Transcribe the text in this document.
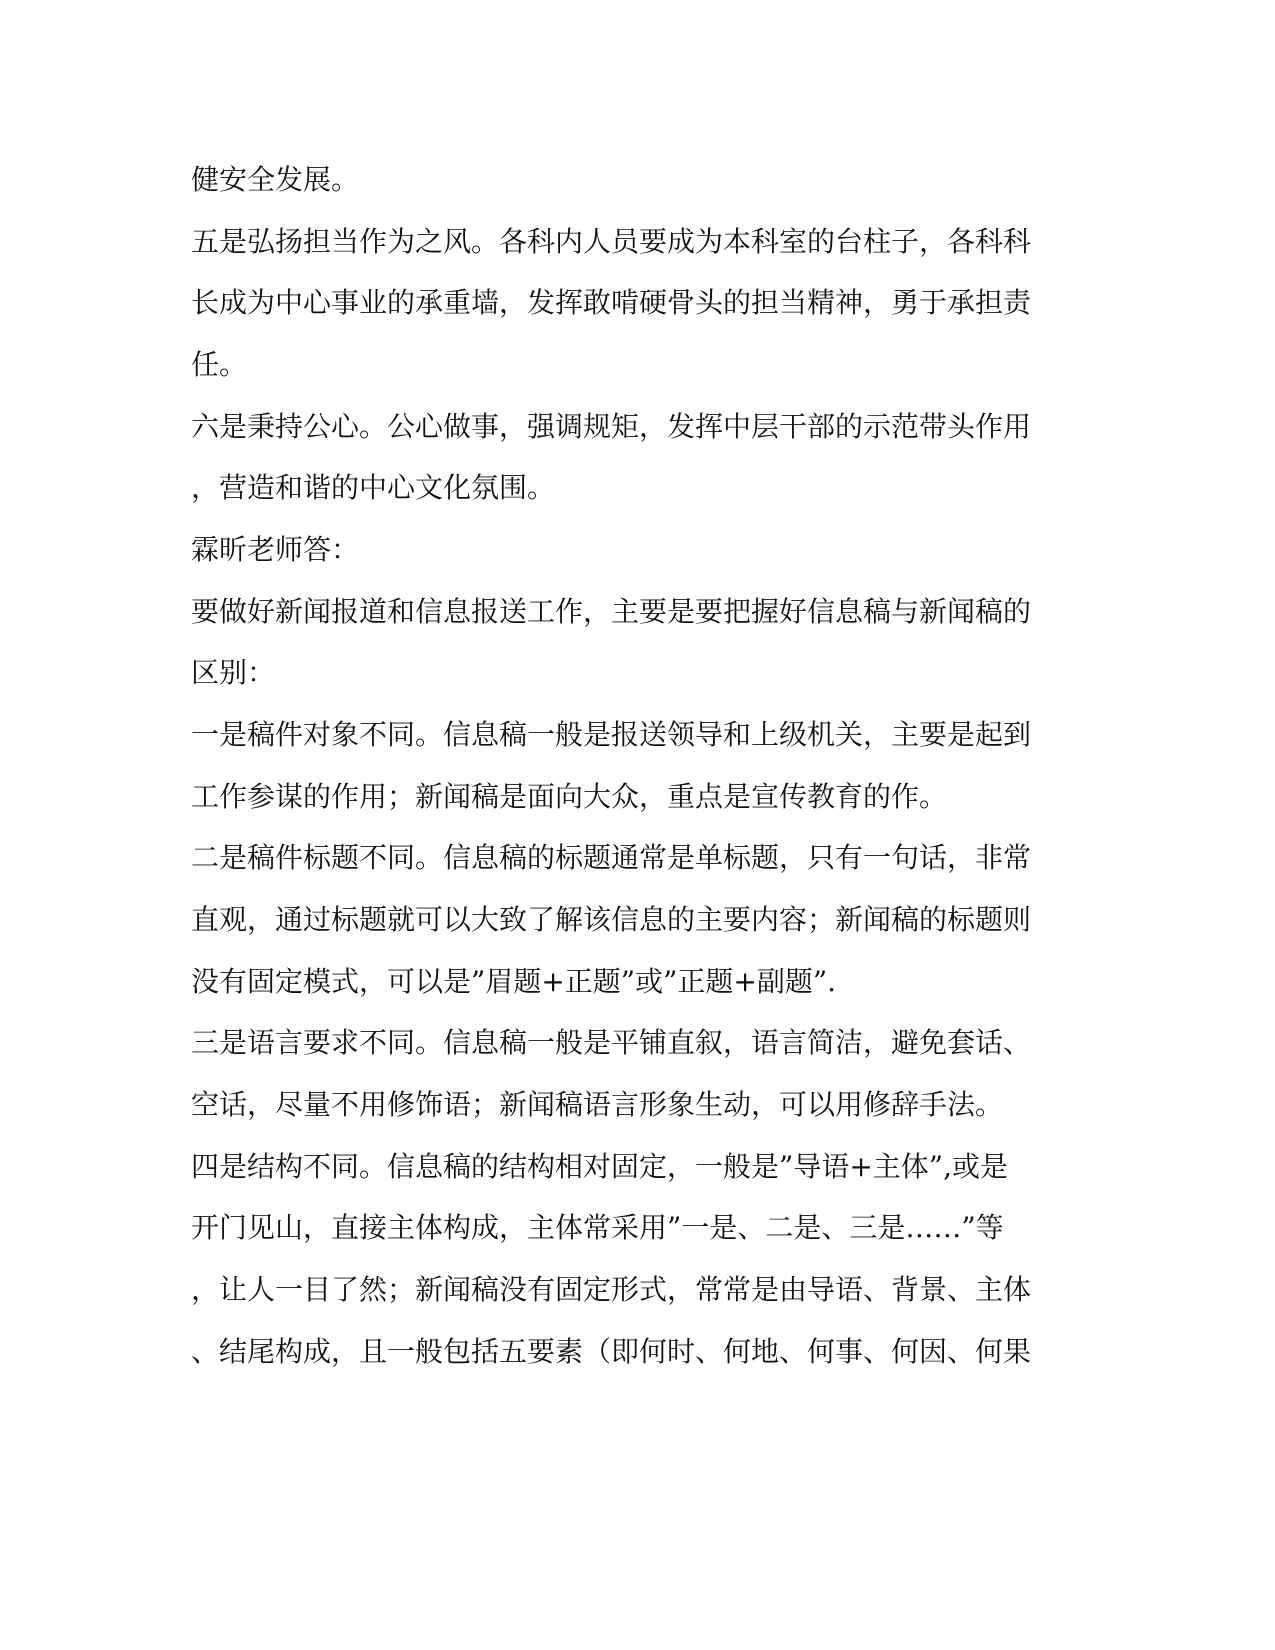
健安全发展。
五是弘扬担当作为之风。各科内人员要成为本科室的台柱子，各科科
长成为中心事业的承重墙，发挥敢啃硬骨头的担当精神，勇于承担责
任。
六是秉持公心。公心做事，强调规矩，发挥中层干部的示范带头作用
，营造和谐的中心文化氛围。
霖昕老师答：
要做好新闻报道和信息报送工作，主要是要把握好信息稿与新闻稿的
区别：
一是稿件对象不同。信息稿一般是报送领导和上级机关，主要是起到
工作参谋的作用；新闻稿是面向大众，重点是宣传教育的作。
二是稿件标题不同。信息稿的标题通常是单标题，只有一句话，非常
直观，通过标题就可以大致了解该信息的主要内容；新闻稿的标题则
没有固定模式，可以是”眉题+正题”或”正题+副题”.
三是语言要求不同。信息稿一般是平铺直叙，语言简洁，避免套话、
空话，尽量不用修饰语；新闻稿语言形象生动，可以用修辞手法。
四是结构不同。信息稿的结构相对固定，一般是”导语+主体”,或是
开门见山，直接主体构成，主体常采用”一是、二是、三是……”等
，让人一目了然；新闻稿没有固定形式，常常是由导语、背景、主体
、结尾构成，且一般包括五要素（即何时、何地、何事、何因、何果
